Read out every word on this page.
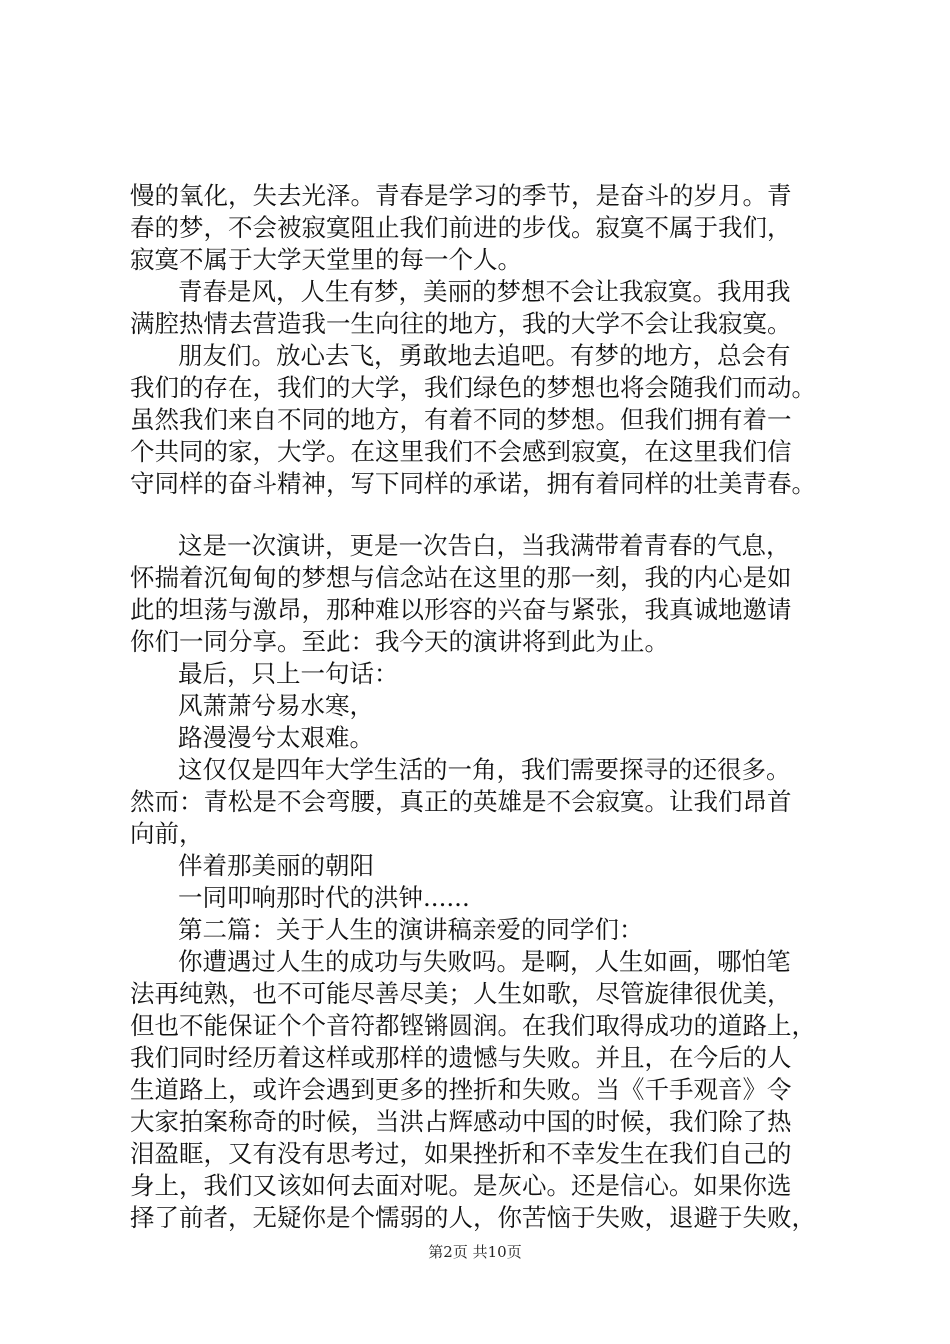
慢的氧化，失去光泽。青春是学习的季节，是奋斗的岁月。青
春的梦，不会被寂寞阻止我们前进的步伐。寂寞不属于我们，
寂寞不属于大学天堂里的每一个人。
青春是风，人生有梦，美丽的梦想不会让我寂寞。我用我
满腔热情去营造我一生向往的地方，我的大学不会让我寂寞。
朋友们。放心去飞，勇敢地去追吧。有梦的地方，总会有
我们的存在，我们的大学，我们绿色的梦想也将会随我们而动。
虽然我们来自不同的地方，有着不同的梦想。但我们拥有着一
个共同的家，大学。在这里我们不会感到寂寞，在这里我们信
守同样的奋斗精神，写下同样的承诺，拥有着同样的壮美青春。
这是一次演讲，更是一次告白，当我满带着青春的气息，
怀揣着沉甸甸的梦想与信念站在这里的那一刻，我的内心是如
此的坦荡与激昂，那种难以形容的兴奋与紧张，我真诚地邀请
你们一同分享。至此：我今天的演讲将到此为止。
最后，只上一句话：
风萧萧兮易水寒，
路漫漫兮太艰难。
这仅仅是四年大学生活的一角，我们需要探寻的还很多。
然而：青松是不会弯腰，真正的英雄是不会寂寞。让我们昂首
向前，
伴着那美丽的朝阳
一同叩响那时代的洪钟......
第二篇：关于人生的演讲稿亲爱的同学们：
你遭遇过人生的成功与失败吗。是啊，人生如画，哪怕笔
法再纯熟，也不可能尽善尽美；人生如歌，尽管旋律很优美，
但也不能保证个个音符都铿锵圆润。在我们取得成功的道路上，
我们同时经历着这样或那样的遗憾与失败。并且，在今后的人
生道路上，或许会遇到更多的挫折和失败。当《千手观音》令
大家拍案称奇的时候，当洪占辉感动中国的时候，我们除了热
泪盈眶，又有没有思考过，如果挫折和不幸发生在我们自己的
身上，我们又该如何去面对呢。是灰心。还是信心。如果你选
择了前者，无疑你是个懦弱的人，你苦恼于失败，退避于失败，
第2页 共10页
